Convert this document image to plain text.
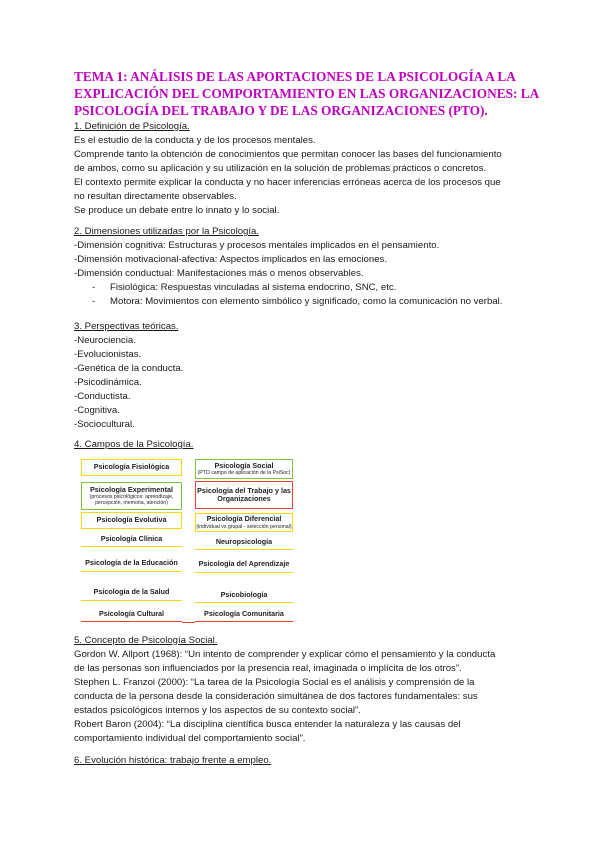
TEMA 1: ANÁLISIS DE LAS APORTACIONES DE LA PSICOLOGÍA A LA EXPLICACIÓN DEL COMPORTAMIENTO EN LAS ORGANIZACIONES: LA PSICOLOGÍA DEL TRABAJO Y DE LAS ORGANIZACIONES (PTO).

1. Definición de Psicología.

Es el estudio de la conducta y de los procesos mentales.

Comprende tanto la obtención de conocimientos que permitan conocer las bases del funcionamiento

de ambos, como su aplicación y su utilización en la solución de problemas prácticos o concretos.

El contexto permite explicar la conducta y no hacer inferencias erróneas acerca de los procesos que

no resultan directamente observables.

Se produce un debate entre lo innato y lo social.

2. Dimensiones utilizadas por la Psicología.

-Dimensión cognitiva: Estructuras y procesos mentales implicados en el pensamiento.

-Dimensión motivacional-afectiva: Aspectos implicados en las emociones.

-Dimensión conductual: Manifestaciones más o menos observables.

- Fisiológica: Respuestas vinculadas al sistema endocrino, SNC, etc.

- Motora: Movimientos con elemento simbólico y significado, como la comunicación no verbal.

3. Perspectivas teóricas.

-Neurociencia.

-Evolucionistas.

-Genética de la conducta.

-Psicodinámica.

-Conductista.

-Cognitiva.

-Sociocultural.

4. Campos de la Psicología.

Psicología Fisiológica
Psicología Experimental
(procesos psicológicos: aprendizaje, percepción, memoria, atención)
Psicología Evolutiva
Psicología Clínica
Psicología de la Educación
Psicología de la Salud
Psicología Cultural
Psicología Social
(PTO campo de aplicación de la PsiSoc)
Psicología del Trabajo y las Organizaciones
Psicología Diferencial
(individual vs grupal - selección personal)
Neuropsicología
Psicología del Aprendizaje
Psicobiología
Psicología Comunitaria

5. Concepto de Psicología Social.

Gordon W. Allport (1968): “Un intento de comprender y explicar cómo el pensamiento y la conducta

de las personas son influenciados por la presencia real, imaginada o implícita de los otros”.

Stephen L. Franzoi (2000): “La tarea de la Psicología Social es el análisis y comprensión de la

conducta de la persona desde la consideración simultánea de dos factores fundamentales: sus

estados psicológicos internos y los aspectos de su contexto social”.

Robert Baron (2004): “La disciplina científica busca entender la naturaleza y las causas del

comportamiento individual del comportamiento social”.

6. Evolución histórica: trabajo frente a empleo.
